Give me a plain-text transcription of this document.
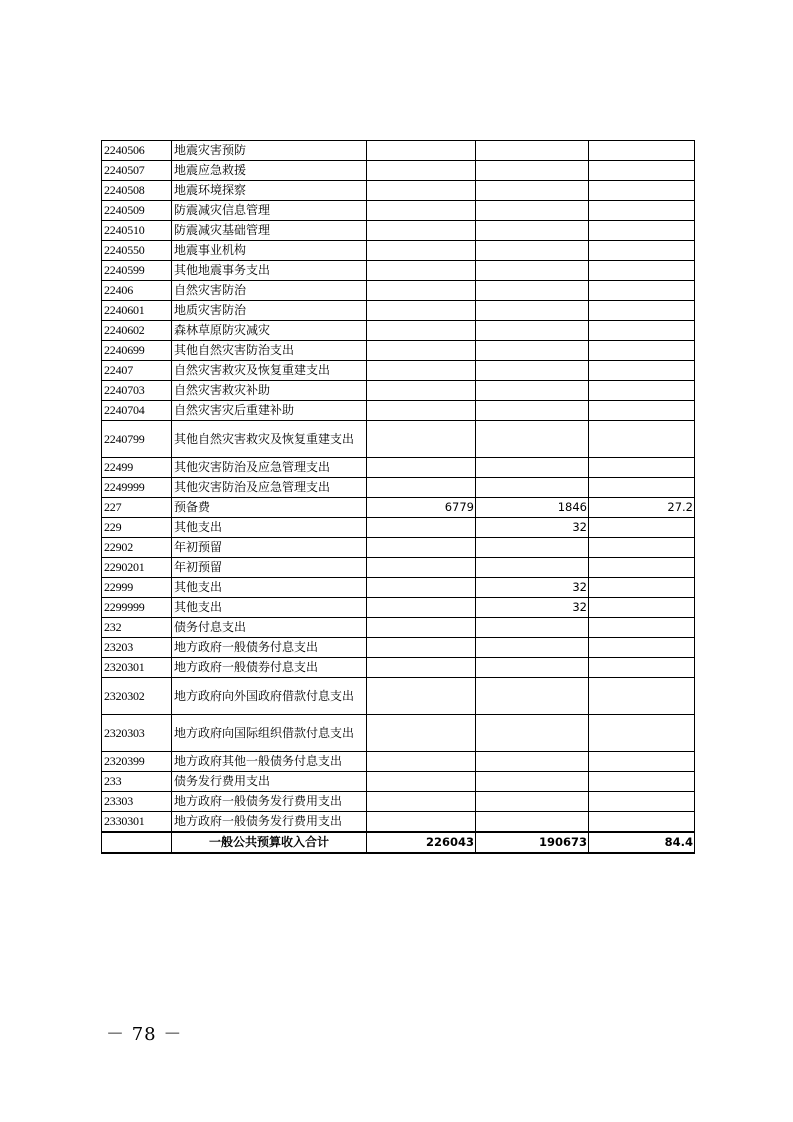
2240506	地震灾害预防			
2240507	地震应急救援			
2240508	地震环境探察			
2240509	防震减灾信息管理			
2240510	防震减灾基础管理			
2240550	地震事业机构			
2240599	其他地震事务支出			
22406	自然灾害防治			
2240601	地质灾害防治			
2240602	森林草原防灾减灾			
2240699	其他自然灾害防治支出			
22407	自然灾害救灾及恢复重建支出			
2240703	自然灾害救灾补助			
2240704	自然灾害灾后重建补助			
2240799	其他自然灾害救灾及恢复重建支出			
22499	其他灾害防治及应急管理支出			
2249999	其他灾害防治及应急管理支出			
227	预备费	6779	1846	27.2
229	其他支出		32	
22902	年初预留			
2290201	年初预留			
22999	其他支出		32	
2299999	其他支出		32	
232	债务付息支出			
23203	地方政府一般债务付息支出			
2320301	地方政府一般债券付息支出			
2320302	地方政府向外国政府借款付息支出			
2320303	地方政府向国际组织借款付息支出			
2320399	地方政府其他一般债务付息支出			
233	债务发行费用支出			
23303	地方政府一般债务发行费用支出			
2330301	地方政府一般债务发行费用支出			
	一般公共预算收入合计	226043	190673	84.4
－ 78 －
